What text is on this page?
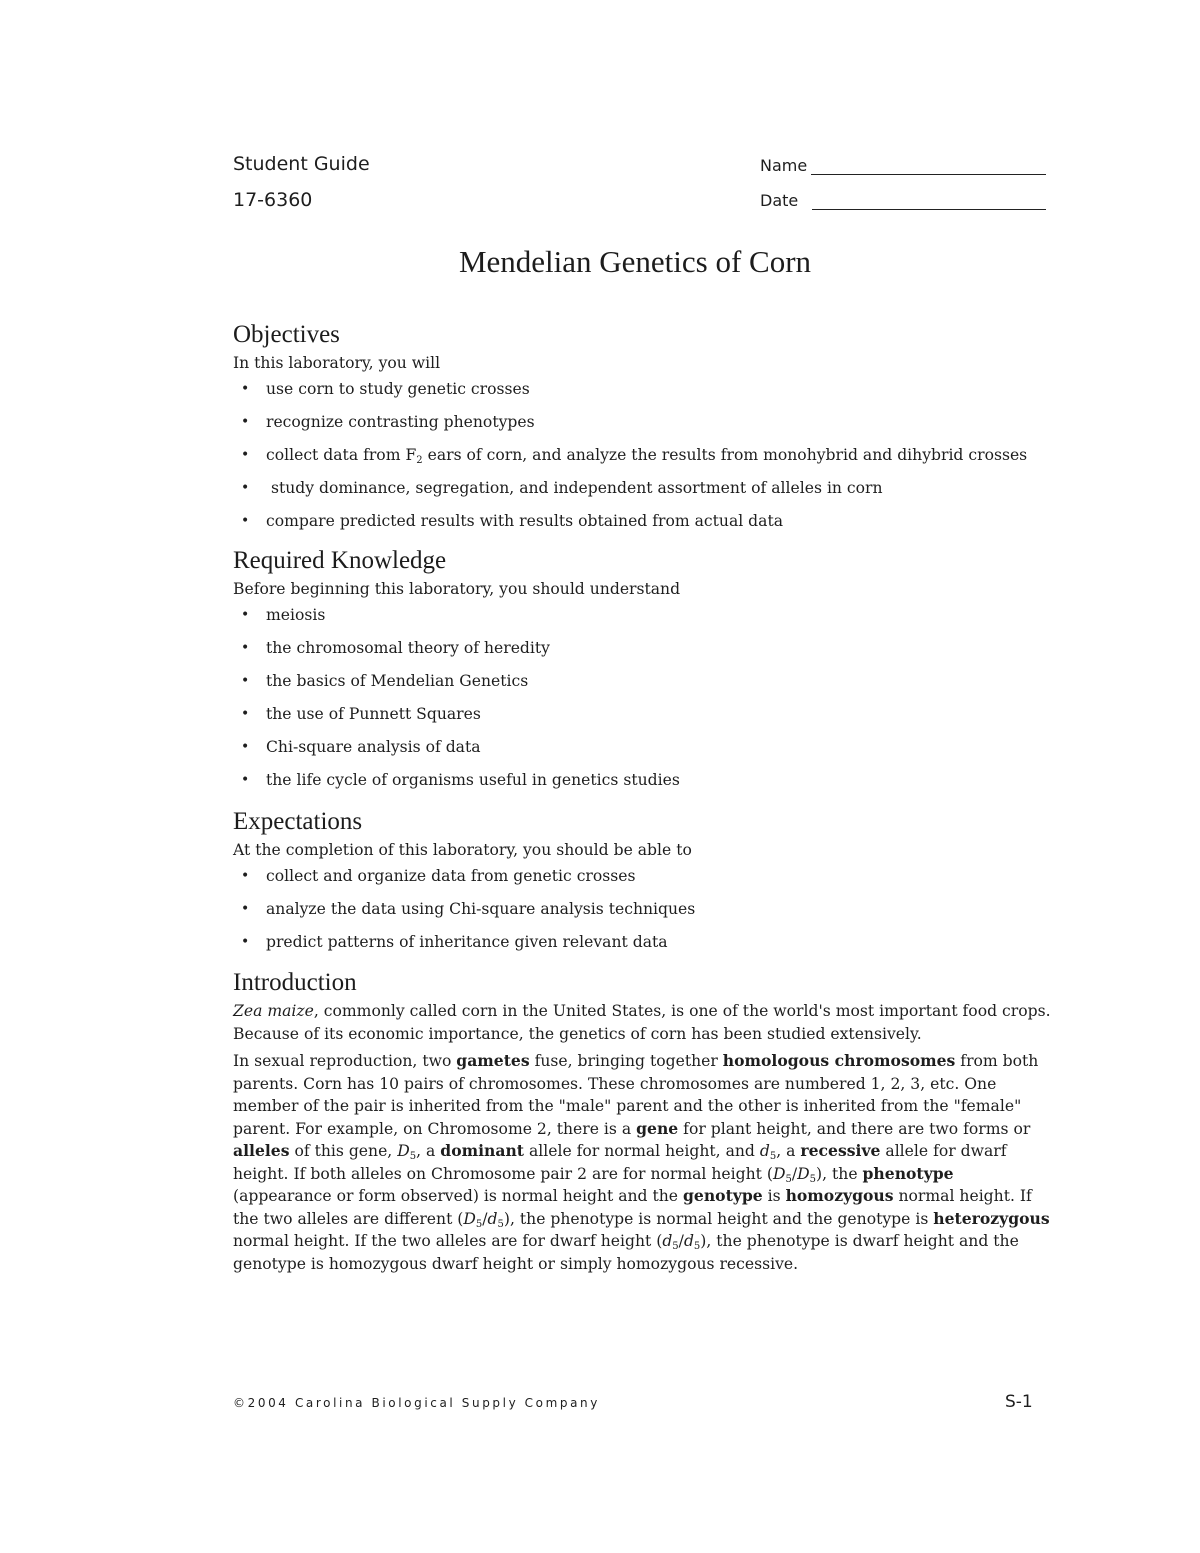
Student Guide
17-6360
Name
Date
Mendelian Genetics of Corn
Objectives

In this laboratory, you will

• use corn to study genetic crosses
• recognize contrasting phenotypes
• collect data from $F_2$ ears of corn, and analyze the results from monohybrid and dihybrid crosses
• study dominance, segregation, and independent assortment of alleles in corn
• compare predicted results with results obtained from actual data
Required Knowledge

Before beginning this laboratory, you should understand

• meiosis
• the chromosomal theory of heredity
• the basics of Mendelian Genetics
• the use of Punnett Squares
• Chi-square analysis of data
• the life cycle of organisms useful in genetics studies
Expectations

At the completion of this laboratory, you should be able to

• collect and organize data from genetic crosses
• analyze the data using Chi-square analysis techniques
• predict patterns of inheritance given relevant data
Introduction

Zea maize, commonly called corn in the United States, is one of the world's most important food crops. Because of its economic importance, the genetics of corn has been studied extensively.

In sexual reproduction, two gametes fuse, bringing together homologous chromosomes from both parents. Corn has 10 pairs of chromosomes. These chromosomes are numbered 1, 2, 3, etc. One member of the pair is inherited from the "male" parent and the other is inherited from the "female" parent. For example, on Chromosome 2, there is a gene for plant height, and there are two forms or alleles of this gene, $D_5$, a dominant allele for normal height, and $d_5$, a recessive allele for dwarf height. If both alleles on Chromosome pair 2 are for normal height $(D_5/D_5)$, the phenotype (appearance or form observed) is normal height and the genotype is homozygous normal height. If the two alleles are different $(D_5/d_5)$, the phenotype is normal height and the genotype is heterozygous normal height. If the two alleles are for dwarf height $(d_5/d_5)$, the phenotype is dwarf height and the genotype is homozygous dwarf height or simply homozygous recessive.

©2004 Carolina Biological Supply Company	S-1
